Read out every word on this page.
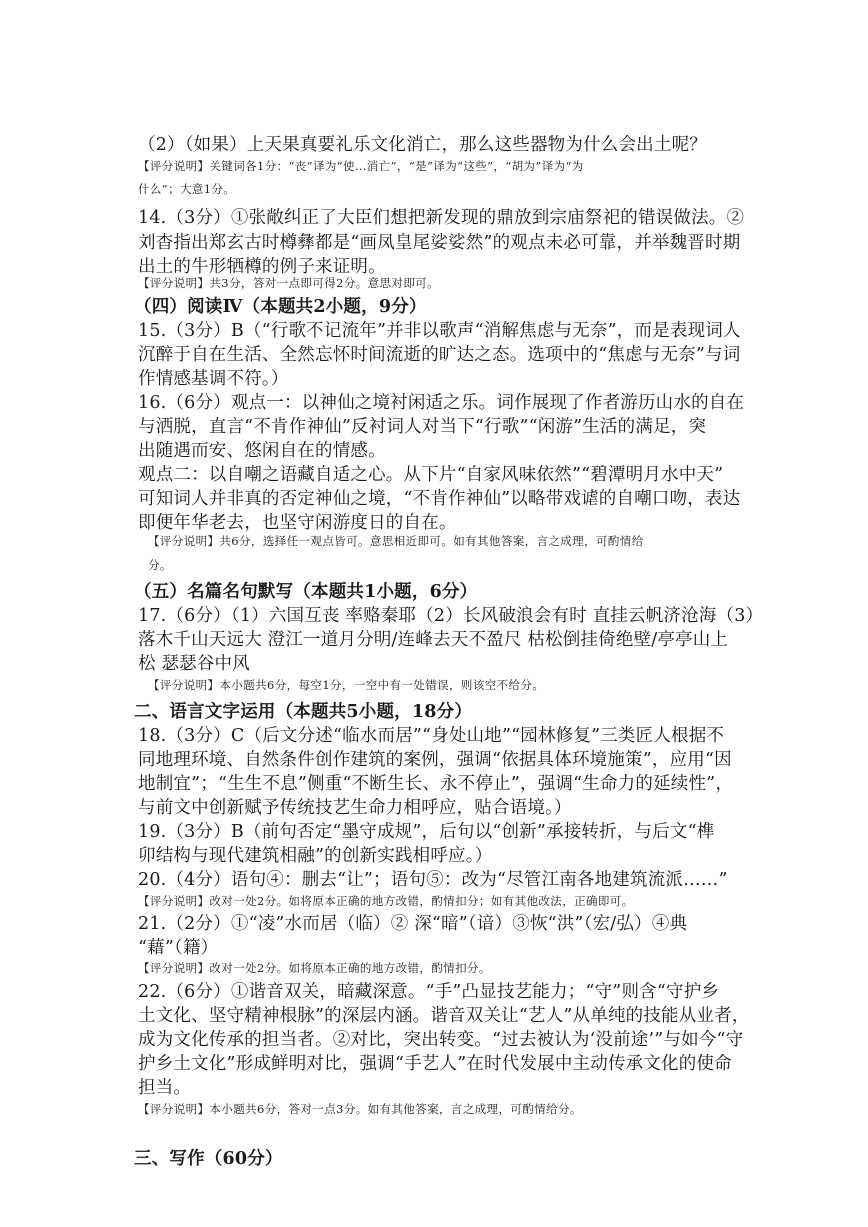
（2）（如果）上天果真要礼乐文化消亡，那么这些器物为什么会出土呢？
【评分说明】关键词各1分：“丧”译为“使…消亡”，“是”译为“这些”，“胡为”译为“为
什么”；大意1分。
14.（3分）①张敞纠正了大臣们想把新发现的鼎放到宗庙祭祀的错误做法。②
刘杳指出郑玄古时樽彝都是“画凤皇尾娑娑然”的观点未必可靠，并举魏晋时期
出土的牛形牺樽的例子来证明。
【评分说明】共3分，答对一点即可得2分。意思对即可。
（四）阅读Ⅳ（本题共2小题，9分）
15.（3分）B（“行歌不记流年”并非以歌声“消解焦虑与无奈”，而是表现词人
沉醉于自在生活、全然忘怀时间流逝的旷达之态。选项中的“焦虑与无奈”与词
作情感基调不符。）
16.（6分）观点一：以神仙之境衬闲适之乐。词作展现了作者游历山水的自在
与洒脱，直言“不肯作神仙”反衬词人对当下“行歌”“闲游”生活的满足，突
出随遇而安、悠闲自在的情感。
观点二：以自嘲之语藏自适之心。从下片“自家风味依然”“碧潭明月水中天”
可知词人并非真的否定神仙之境，“不肯作神仙”以略带戏谑的自嘲口吻，表达
即便年华老去，也坚守闲游度日的自在。
【评分说明】共6分，选择任一观点皆可。意思相近即可。如有其他答案，言之成理，可酌情给
分。
（五）名篇名句默写（本题共1小题，6分）
17.（6分）（1）六国互丧 率赂秦耶（2）长风破浪会有时 直挂云帆济沧海（3）
落木千山天远大 澄江一道月分明/连峰去天不盈尺 枯松倒挂倚绝壁/亭亭山上
松 瑟瑟谷中风
【评分说明】本小题共6分，每空1分，一空中有一处错误，则该空不给分。
二、语言文字运用（本题共5小题，18分）
18.（3分）C（后文分述“临水而居”“身处山地”“园林修复”三类匠人根据不
同地理环境、自然条件创作建筑的案例，强调“依据具体环境施策”，应用“因
地制宜”；“生生不息”侧重“不断生长、永不停止”，强调“生命力的延续性”，
与前文中创新赋予传统技艺生命力相呼应，贴合语境。）
19.（3分）B（前句否定“墨守成规”，后句以“创新”承接转折，与后文“榫
卯结构与现代建筑相融”的创新实践相呼应。）
20.（4分）语句④：删去“让”；语句⑤：改为“尽管江南各地建筑流派……”
【评分说明】改对一处2分。如将原本正确的地方改错，酌情扣分；如有其他改法，正确即可。
21.（2分）①“凌”水而居（临）② 深“暗”（谙）③恢“洪”（宏/弘）④典
“藉”（籍）
【评分说明】改对一处2分。如将原本正确的地方改错，酌情扣分。
22.（6分）①谐音双关，暗藏深意。“手”凸显技艺能力；“守”则含“守护乡
土文化、坚守精神根脉”的深层内涵。谐音双关让“艺人”从单纯的技能从业者，
成为文化传承的担当者。②对比，突出转变。“过去被认为‘没前途’”与如今“守
护乡土文化”形成鲜明对比，强调“手艺人”在时代发展中主动传承文化的使命
担当。
【评分说明】本小题共6分，答对一点3分。如有其他答案，言之成理，可酌情给分。
三、写作（60分）
